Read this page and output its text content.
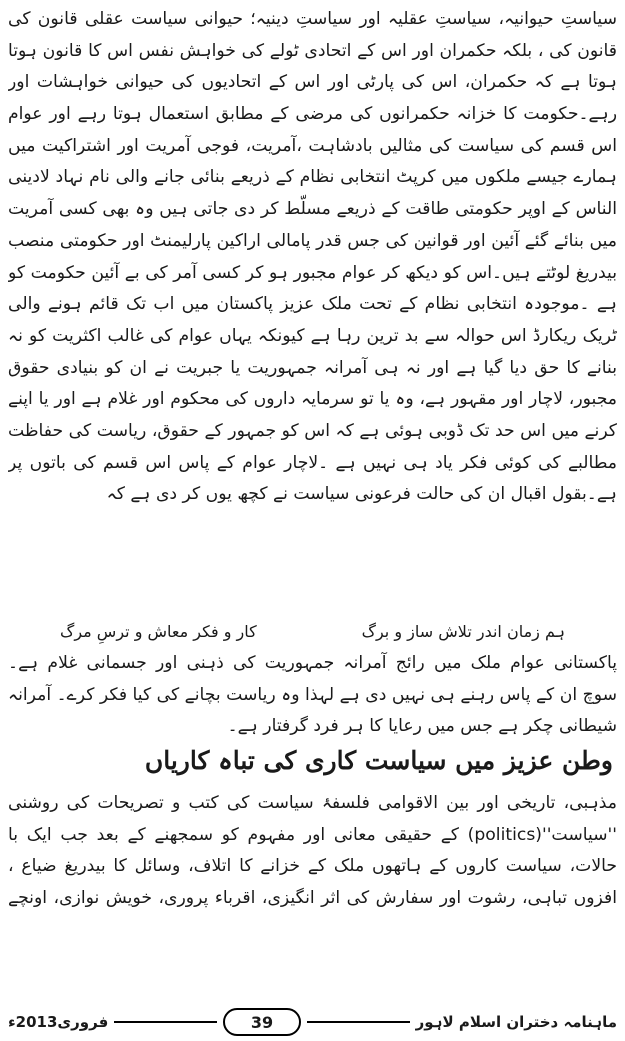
سیاستِ حیوانیہ، سیاستِ عقلیہ اور سیاستِ دینیہ؛ حیوانی سیاست عقلی قانون کی
قانون کی ، بلکہ حکمران اور اس کے اتحادی ٹولے کی خواہش نفس اس کا قانون ہوتا
ہوتا ہے کہ حکمران، اس کی پارٹی اور اس کے اتحادیوں کی حیوانی خواہشات اور
رہے۔حکومت کا خزانہ حکمرانوں کی مرضی کے مطابق استعمال ہوتا رہے اور عوام
اس قسم کی سیاست کی مثالیں بادشاہت ،آمریت، فوجی آمریت اور اشتراکیت میں
ہمارے جیسے ملکوں میں کرپٹ انتخابی نظام کے ذریعے بنائی جانے والی نام نہاد لادینی
الناس کے اوپر حکومتی طاقت کے ذریعے مسلّط کر دی جاتی ہیں وہ بھی کسی آمریت
میں بنائے گئے آئین اور قوانین کی جس قدر پامالی اراکین پارلیمنٹ اور حکومتی منصب
بیدریغ لوٹتے ہیں۔اس کو دیکھ کر عوام مجبور ہو کر کسی آمر کی بے آئین حکومت کو
ہے ۔موجودہ انتخابی نظام کے تحت ملک عزیز پاکستان میں اب تک قائم ہونے والی
ٹریک ریکارڈ اس حوالہ سے بد ترین رہا ہے کیونکہ یہاں عوام کی غالب اکثریت کو نہ
بنانے کا حق دیا گیا ہے اور نہ ہی آمرانہ جمہوریت یا جبریت نے ان کو بنیادی حقوق
مجبور، لاچار اور مقہور ہے، وہ یا تو سرمایہ داروں کی محکوم اور غلام ہے اور یا اپنے
کرنے میں اس حد تک ڈوبی ہوئی ہے کہ اس کو جمہور کے حقوق، ریاست کی حفاظت
مطالبے کی کوئی فکر یاد ہی نہیں ہے ۔لاچار عوام کے پاس اس قسم کی باتوں پر
ہے۔بقول اقبال ان کی حالت فرعونی سیاست نے کچھ یوں کر دی ہے کہ
ہم زمان اندر تلاش ساز و برگ
کار و فکر معاش و ترسِ مرگ
پاکستانی عوام ملک میں رائج آمرانہ جمہوریت کی ذہنی اور جسمانی غلام ہے۔
سوچ ان کے پاس رہنے ہی نہیں دی ہے لہذا وہ ریاست بچانے کی کیا فکر کرے۔ آمرانہ
شیطانی چکر ہے جس میں رعایا کا ہر فرد گرفتار ہے۔
وطن عزیز میں سیاست کاری کی تباہ کاریاں
مذہبی، تاریخی اور بین الاقوامی فلسفۂ سیاست کی کتب و تصریحات کی روشنی
''سیاست''(politics) کے حقیقی معانی اور مفہوم کو سمجھنے کے بعد جب ایک با
حالات، سیاست کاروں کے ہاتھوں ملک کے خزانے کا اتلاف، وسائل کا بیدریغ ضیاع ،
افزوں تباہی، رشوت اور سفارش کی اثر انگیزی، اقرباء پروری، خویش نوازی، اونچے
فروری2013ء	39	ماہنامہ دختران اسلام لاہور
